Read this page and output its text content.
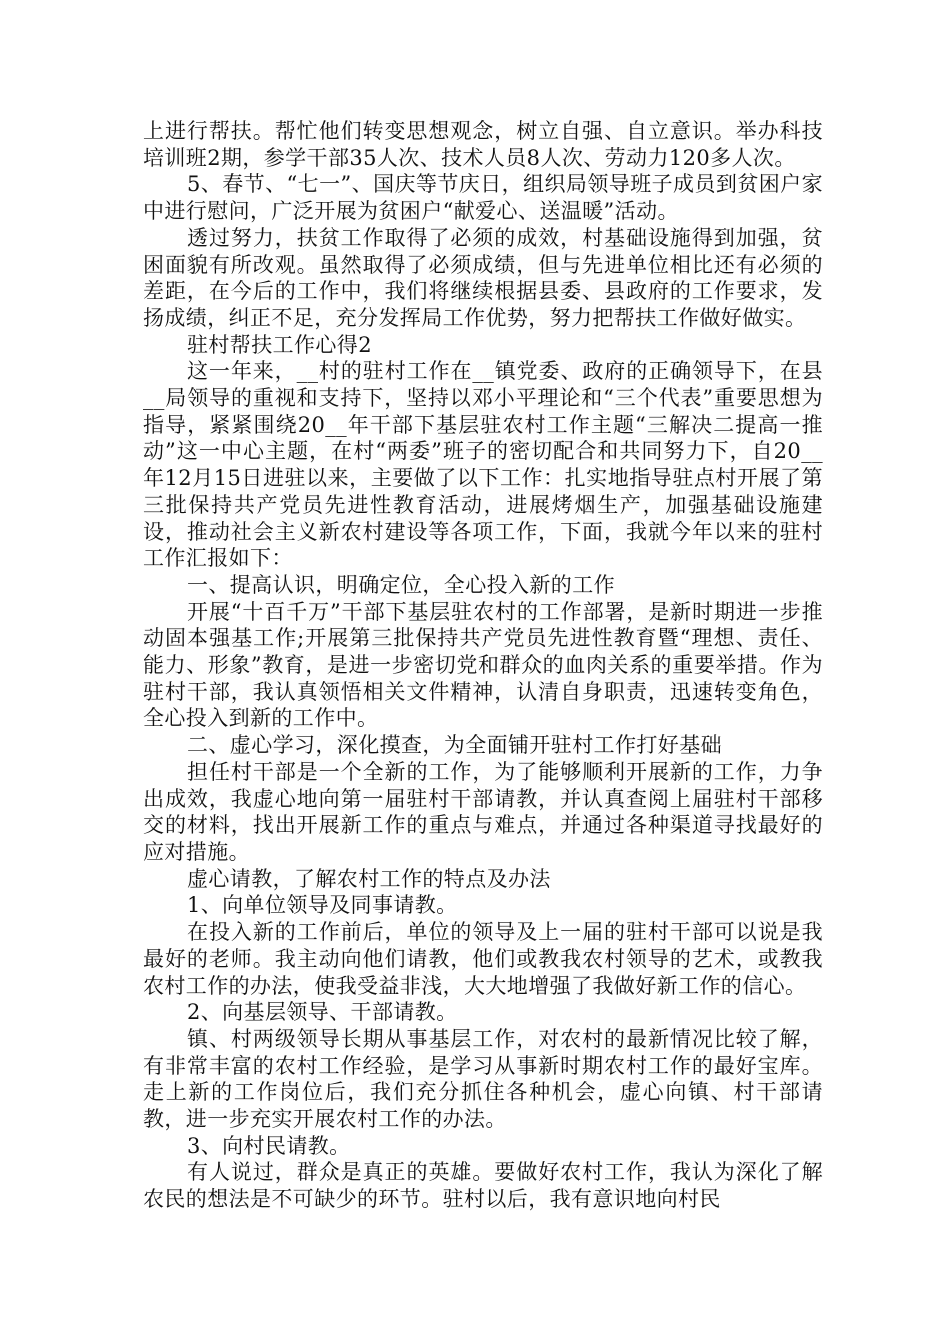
上进行帮扶。帮忙他们转变思想观念，树立自强、自立意识。举办科技培训班2期，参学干部35人次、技术人员8人次、劳动力120多人次。

5、春节、“七一”、国庆等节庆日，组织局领导班子成员到贫困户家中进行慰问，广泛开展为贫困户“献爱心、送温暖”活动。

透过努力，扶贫工作取得了必须的成效，村基础设施得到加强，贫困面貌有所改观。虽然取得了必须成绩，但与先进单位相比还有必须的差距，在今后的工作中，我们将继续根据县委、县政府的工作要求，发扬成绩，纠正不足，充分发挥局工作优势，努力把帮扶工作做好做实。

驻村帮扶工作心得2

这一年来，__村的驻村工作在__镇党委、政府的正确领导下，在县__局领导的重视和支持下，坚持以邓小平理论和“三个代表”重要思想为指导，紧紧围绕20__年干部下基层驻农村工作主题“三解决二提高一推动”这一中心主题，在村“两委”班子的密切配合和共同努力下，自20__年12月15日进驻以来，主要做了以下工作：扎实地指导驻点村开展了第三批保持共产党员先进性教育活动，进展烤烟生产，加强基础设施建设，推动社会主义新农村建设等各项工作，下面，我就今年以来的驻村工作汇报如下：

一、提高认识，明确定位，全心投入新的工作

开展“十百千万”干部下基层驻农村的工作部署，是新时期进一步推动固本强基工作;开展第三批保持共产党员先进性教育暨“理想、责任、能力、形象”教育，是进一步密切党和群众的血肉关系的重要举措。作为驻村干部，我认真领悟相关文件精神，认清自身职责，迅速转变角色，全心投入到新的工作中。

二、虚心学习，深化摸查，为全面铺开驻村工作打好基础

担任村干部是一个全新的工作，为了能够顺利开展新的工作，力争出成效，我虚心地向第一届驻村干部请教，并认真查阅上届驻村干部移交的材料，找出开展新工作的重点与难点，并通过各种渠道寻找最好的应对措施。

虚心请教，了解农村工作的特点及办法

1、向单位领导及同事请教。

在投入新的工作前后，单位的领导及上一届的驻村干部可以说是我最好的老师。我主动向他们请教，他们或教我农村领导的艺术，或教我农村工作的办法，使我受益非浅，大大地增强了我做好新工作的信心。

2、向基层领导、干部请教。

镇、村两级领导长期从事基层工作，对农村的最新情况比较了解，有非常丰富的农村工作经验，是学习从事新时期农村工作的最好宝库。走上新的工作岗位后，我们充分抓住各种机会，虚心向镇、村干部请教，进一步充实开展农村工作的办法。

3、向村民请教。

有人说过，群众是真正的英雄。要做好农村工作，我认为深化了解农民的想法是不可缺少的环节。驻村以后，我有意识地向村民
